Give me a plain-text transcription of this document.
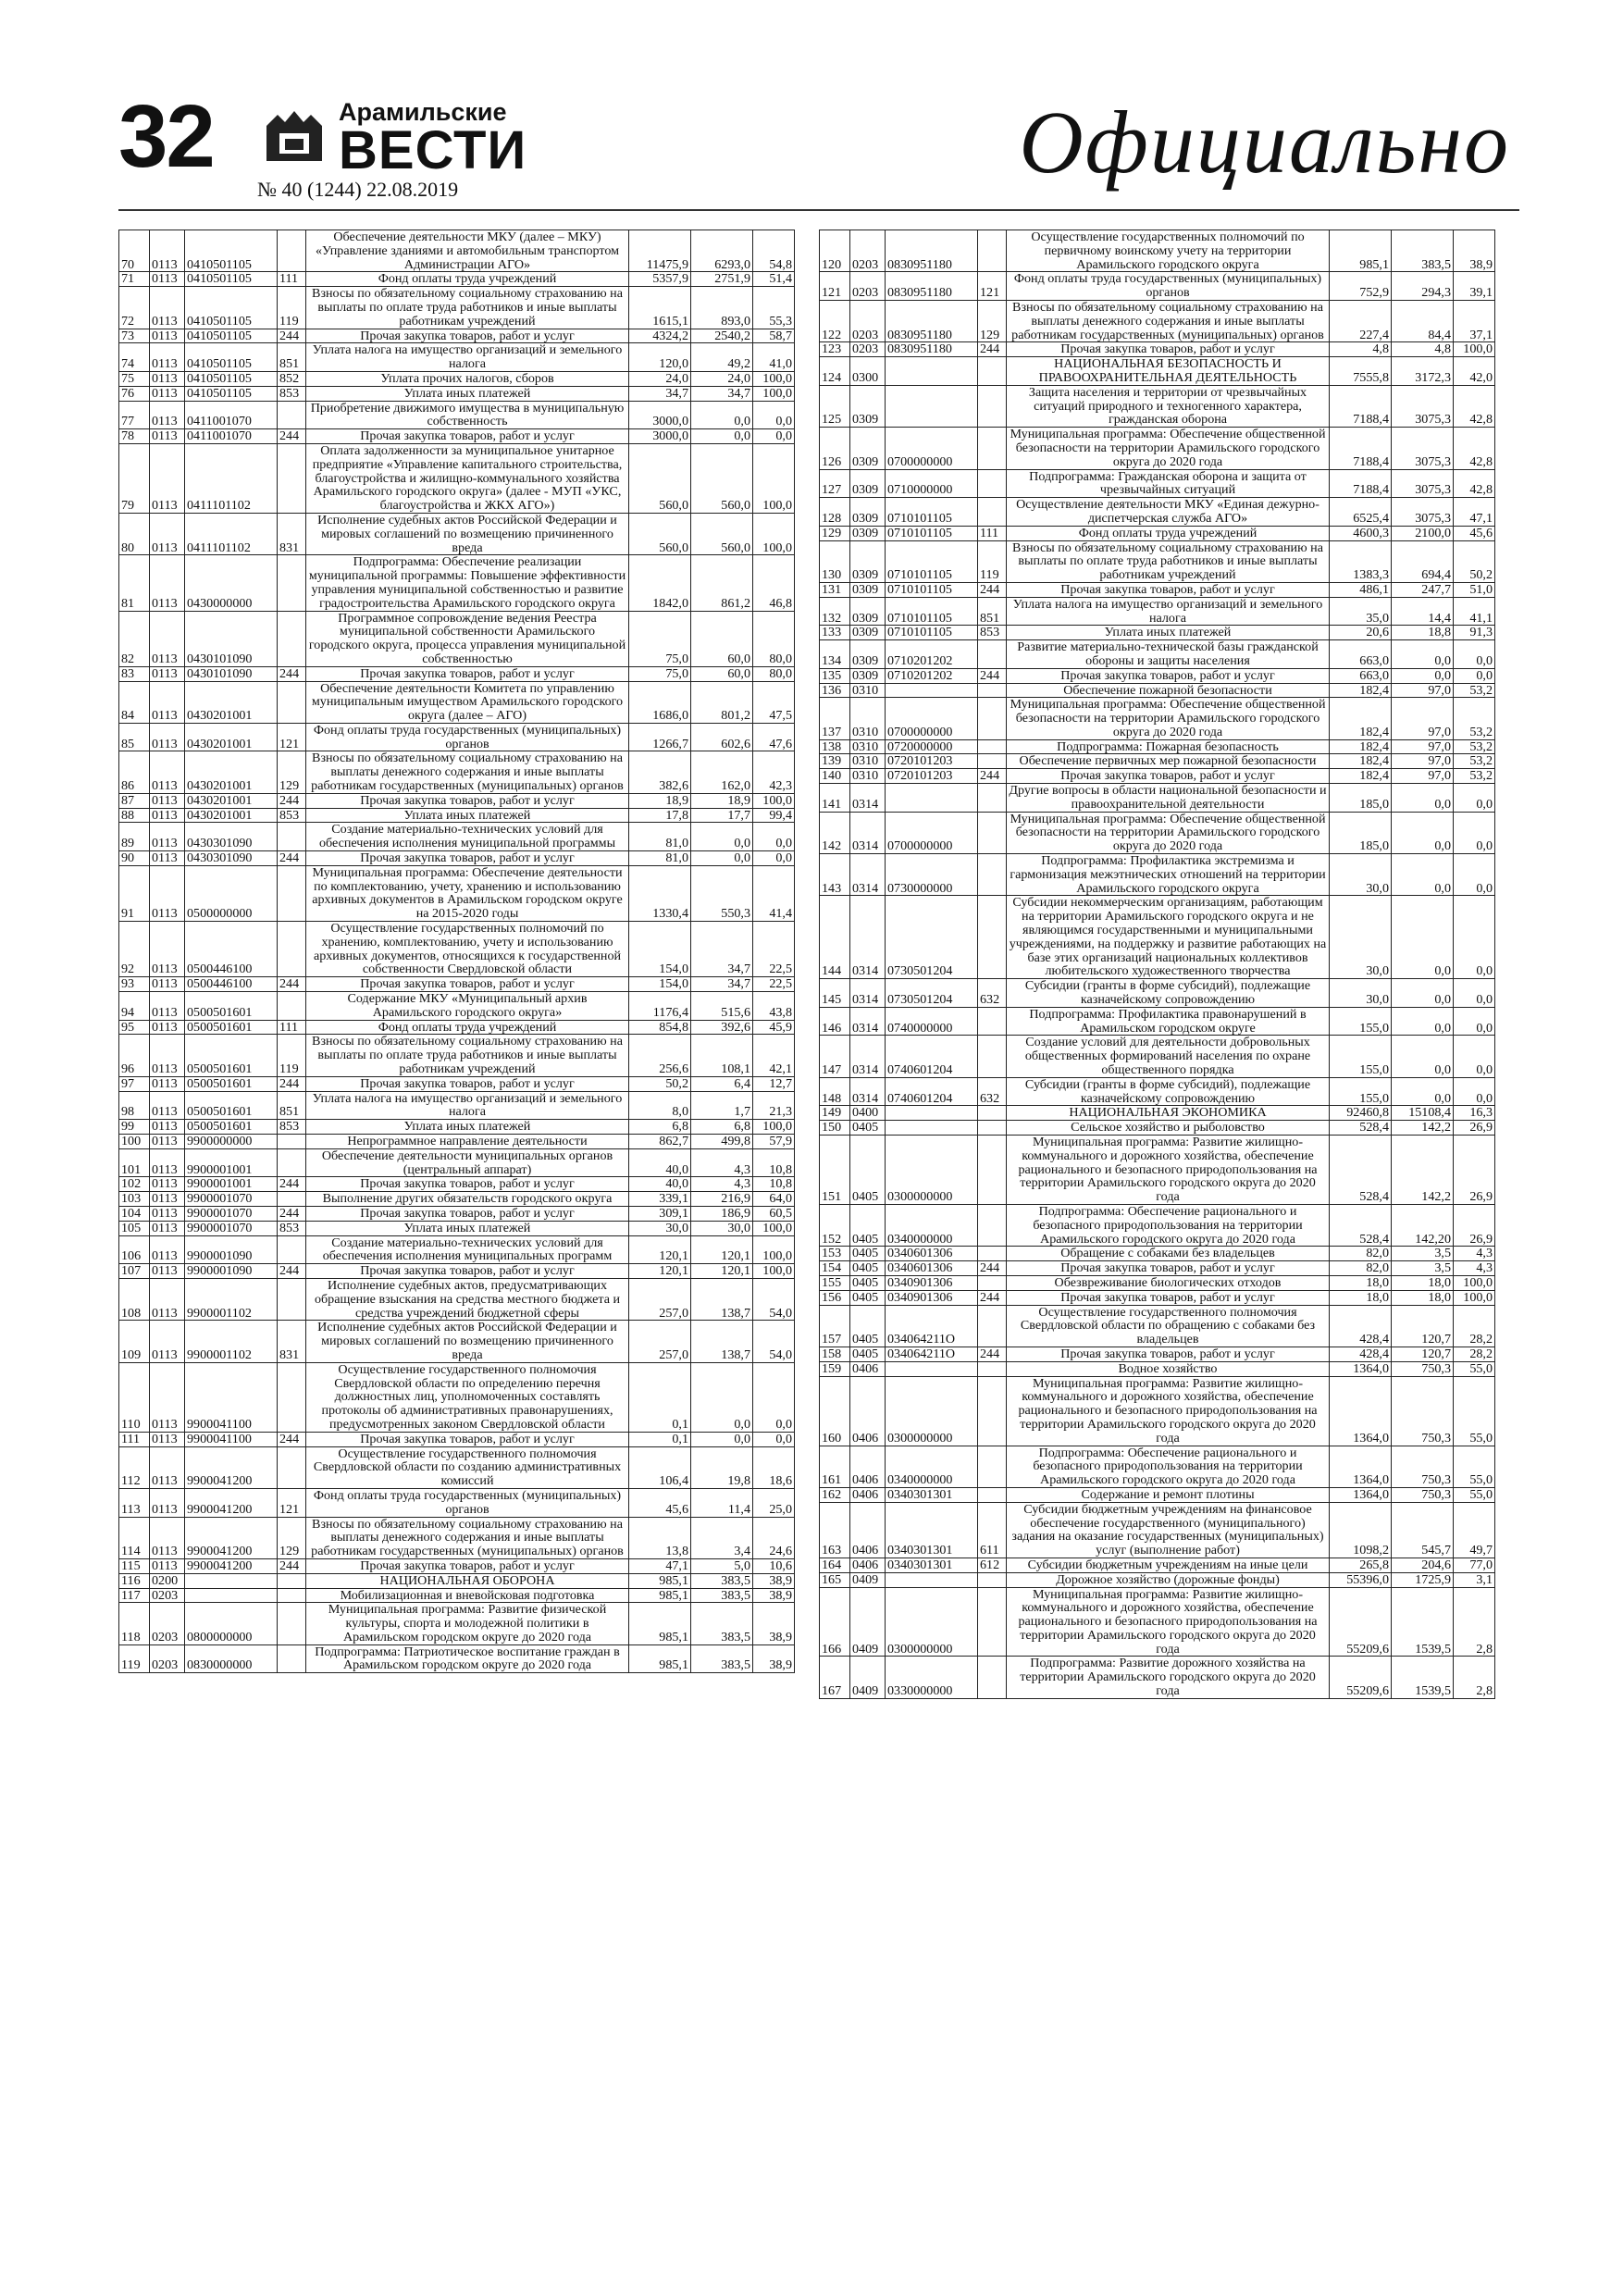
32	Арамильские
ВЕСТИ
№ 40 (1244) 22.08.2019	Официально
70	0113	0410501105		Обеспечение деятельности МКУ (далее – МКУ) «Управление зданиями и автомобильным транспортом Администрации АГО»	11475,9	6293,0	54,8
71	0113	0410501105	111	Фонд оплаты труда учреждений	5357,9	2751,9	51,4
72	0113	0410501105	119	Взносы по обязательному социальному страхованию на выплаты по оплате труда работников и иные выплаты работникам учреждений	1615,1	893,0	55,3
73	0113	0410501105	244	Прочая закупка товаров, работ и услуг	4324,2	2540,2	58,7
74	0113	0410501105	851	Уплата налога на имущество организаций и земельного налога	120,0	49,2	41,0
75	0113	0410501105	852	Уплата прочих налогов, сборов	24,0	24,0	100,0
76	0113	0410501105	853	Уплата иных платежей	34,7	34,7	100,0
77	0113	0411001070		Приобретение движимого имущества в муниципальную собственность	3000,0	0,0	0,0
78	0113	0411001070	244	Прочая закупка товаров, работ и услуг	3000,0	0,0	0,0
79	0113	0411101102		Оплата задолженности за муниципальное унитарное предприятие «Управление капитального строительства, благоустройства и жилищно-коммунального хозяйства Арамильского городского округа» (далее - МУП «УКС, благоустройства и ЖКХ АГО»)	560,0	560,0	100,0
80	0113	0411101102	831	Исполнение судебных актов Российской Федерации и мировых соглашений по возмещению причиненного вреда	560,0	560,0	100,0
81	0113	0430000000		Подпрограмма: Обеспечение реализации муниципальной программы: Повышение эффективности управления муниципальной собственностью и развитие градостроительства Арамильского городского округа	1842,0	861,2	46,8
82	0113	0430101090		Программное сопровождение ведения Реестра муниципальной собственности Арамильского городского округа, процесса управления муниципальной собственностью	75,0	60,0	80,0
83	0113	0430101090	244	Прочая закупка товаров, работ и услуг	75,0	60,0	80,0
84	0113	0430201001		Обеспечение деятельности Комитета по управлению муниципальным имуществом Арамильского городского округа (далее – АГО)	1686,0	801,2	47,5
85	0113	0430201001	121	Фонд оплаты труда государственных (муниципальных) органов	1266,7	602,6	47,6
86	0113	0430201001	129	Взносы по обязательному социальному страхованию на выплаты денежного содержания и иные выплаты работникам государственных (муниципальных) органов	382,6	162,0	42,3
87	0113	0430201001	244	Прочая закупка товаров, работ и услуг	18,9	18,9	100,0
88	0113	0430201001	853	Уплата иных платежей	17,8	17,7	99,4
89	0113	0430301090		Создание материально-технических условий для обеспечения исполнения муниципальной программы	81,0	0,0	0,0
90	0113	0430301090	244	Прочая закупка товаров, работ и услуг	81,0	0,0	0,0
91	0113	0500000000		Муниципальная программа: Обеспечение деятельности по комплектованию, учету, хранению и использованию архивных документов в Арамильском городском округе на 2015-2020 годы	1330,4	550,3	41,4
92	0113	0500446100		Осуществление государственных полномочий по хранению, комплектованию, учету и использованию архивных документов, относящихся к государственной собственности Свердловской области	154,0	34,7	22,5
93	0113	0500446100	244	Прочая закупка товаров, работ и услуг	154,0	34,7	22,5
94	0113	0500501601		Содержание МКУ «Муниципальный архив Арамильского городского округа»	1176,4	515,6	43,8
95	0113	0500501601	111	Фонд оплаты труда учреждений	854,8	392,6	45,9
96	0113	0500501601	119	Взносы по обязательному социальному страхованию на выплаты по оплате труда работников и иные выплаты работникам учреждений	256,6	108,1	42,1
97	0113	0500501601	244	Прочая закупка товаров, работ и услуг	50,2	6,4	12,7
98	0113	0500501601	851	Уплата налога на имущество организаций и земельного налога	8,0	1,7	21,3
99	0113	0500501601	853	Уплата иных платежей	6,8	6,8	100,0
100	0113	9900000000		Непрограммное направление деятельности	862,7	499,8	57,9
101	0113	9900001001		Обеспечение деятельности муниципальных органов (центральный аппарат)	40,0	4,3	10,8
102	0113	9900001001	244	Прочая закупка товаров, работ и услуг	40,0	4,3	10,8
103	0113	9900001070		Выполнение других обязательств городского округа	339,1	216,9	64,0
104	0113	9900001070	244	Прочая закупка товаров, работ и услуг	309,1	186,9	60,5
105	0113	9900001070	853	Уплата иных платежей	30,0	30,0	100,0
106	0113	9900001090		Создание материально-технических условий для обеспечения исполнения муниципальных программ	120,1	120,1	100,0
107	0113	9900001090	244	Прочая закупка товаров, работ и услуг	120,1	120,1	100,0
108	0113	9900001102		Исполнение судебных актов, предусматривающих обращение взыскания на средства местного бюджета и средства учреждений бюджетной сферы	257,0	138,7	54,0
109	0113	9900001102	831	Исполнение судебных актов Российской Федерации и мировых соглашений по возмещению причиненного вреда	257,0	138,7	54,0
110	0113	9900041100		Осуществление государственного полномочия Свердловской области по определению перечня должностных лиц, уполномоченных составлять протоколы об административных правонарушениях, предусмотренных законом Свердловской области	0,1	0,0	0,0
111	0113	9900041100	244	Прочая закупка товаров, работ и услуг	0,1	0,0	0,0
112	0113	9900041200		Осуществление государственного полномочия Свердловской области по созданию административных комиссий	106,4	19,8	18,6
113	0113	9900041200	121	Фонд оплаты труда государственных (муниципальных) органов	45,6	11,4	25,0
114	0113	9900041200	129	Взносы по обязательному социальному страхованию на выплаты денежного содержания и иные выплаты работникам государственных (муниципальных) органов	13,8	3,4	24,6
115	0113	9900041200	244	Прочая закупка товаров, работ и услуг	47,1	5,0	10,6
116	0200			НАЦИОНАЛЬНАЯ ОБОРОНА	985,1	383,5	38,9
117	0203			Мобилизационная и вневойсковая подготовка	985,1	383,5	38,9
118	0203	0800000000		Муниципальная программа: Развитие физической культуры, спорта и молодежной политики в Арамильском городском округе до 2020 года	985,1	383,5	38,9
119	0203	0830000000		Подпрограмма: Патриотическое воспитание граждан в Арамильском городском округе до 2020 года	985,1	383,5	38,9
120	0203	0830951180		Осуществление государственных полномочий по первичному воинскому учету на территории Арамильского городского округа	985,1	383,5	38,9
121	0203	0830951180	121	Фонд оплаты труда государственных (муниципальных) органов	752,9	294,3	39,1
122	0203	0830951180	129	Взносы по обязательному социальному страхованию на выплаты денежного содержания и иные выплаты работникам государственных (муниципальных) органов	227,4	84,4	37,1
123	0203	0830951180	244	Прочая закупка товаров, работ и услуг	4,8	4,8	100,0
124	0300			НАЦИОНАЛЬНАЯ БЕЗОПАСНОСТЬ И ПРАВООХРАНИТЕЛЬНАЯ ДЕЯТЕЛЬНОСТЬ	7555,8	3172,3	42,0
125	0309			Защита населения и территории от чрезвычайных ситуаций природного и техногенного характера, гражданская оборона	7188,4	3075,3	42,8
126	0309	0700000000		Муниципальная программа: Обеспечение общественной безопасности на территории Арамильского городского округа до 2020 года	7188,4	3075,3	42,8
127	0309	0710000000		Подпрограмма: Гражданская оборона и защита от чрезвычайных ситуаций	7188,4	3075,3	42,8
128	0309	0710101105		Осуществление деятельности МКУ «Единая дежурно-диспетчерская служба АГО»	6525,4	3075,3	47,1
129	0309	0710101105	111	Фонд оплаты труда учреждений	4600,3	2100,0	45,6
130	0309	0710101105	119	Взносы по обязательному социальному страхованию на выплаты по оплате труда работников и иные выплаты работникам учреждений	1383,3	694,4	50,2
131	0309	0710101105	244	Прочая закупка товаров, работ и услуг	486,1	247,7	51,0
132	0309	0710101105	851	Уплата налога на имущество организаций и земельного налога	35,0	14,4	41,1
133	0309	0710101105	853	Уплата иных платежей	20,6	18,8	91,3
134	0309	0710201202		Развитие материально-технической базы гражданской обороны и защиты населения	663,0	0,0	0,0
135	0309	0710201202	244	Прочая закупка товаров, работ и услуг	663,0	0,0	0,0
136	0310			Обеспечение пожарной безопасности	182,4	97,0	53,2
137	0310	0700000000		Муниципальная программа: Обеспечение общественной безопасности на территории Арамильского городского округа до 2020 года	182,4	97,0	53,2
138	0310	0720000000		Подпрограмма: Пожарная безопасность	182,4	97,0	53,2
139	0310	0720101203		Обеспечение первичных мер пожарной безопасности	182,4	97,0	53,2
140	0310	0720101203	244	Прочая закупка товаров, работ и услуг	182,4	97,0	53,2
141	0314			Другие вопросы в области национальной безопасности и правоохранительной деятельности	185,0	0,0	0,0
142	0314	0700000000		Муниципальная программа: Обеспечение общественной безопасности на территории Арамильского городского округа до 2020 года	185,0	0,0	0,0
143	0314	0730000000		Подпрограмма: Профилактика экстремизма и гармонизация межэтнических отношений на территории Арамильского городского округа	30,0	0,0	0,0
144	0314	0730501204		Субсидии некоммерческим организациям, работающим на территории Арамильского городского округа и не являющимся государственными и муниципальными учреждениями, на поддержку и развитие работающих на базе этих организаций национальных коллективов любительского художественного творчества	30,0	0,0	0,0
145	0314	0730501204	632	Субсидии (гранты в форме субсидий), подлежащие казначейскому сопровождению	30,0	0,0	0,0
146	0314	0740000000		Подпрограмма: Профилактика правонарушений в Арамильском городском округе	155,0	0,0	0,0
147	0314	0740601204		Создание условий для деятельности добровольных общественных формирований населения по охране общественного порядка	155,0	0,0	0,0
148	0314	0740601204	632	Субсидии (гранты в форме субсидий), подлежащие казначейскому сопровождению	155,0	0,0	0,0
149	0400			НАЦИОНАЛЬНАЯ ЭКОНОМИКА	92460,8	15108,4	16,3
150	0405			Сельское хозяйство и рыболовство	528,4	142,2	26,9
151	0405	0300000000		Муниципальная программа: Развитие жилищно-коммунального и дорожного хозяйства, обеспечение рационального и безопасного природопользования на территории Арамильского городского округа до 2020 года	528,4	142,2	26,9
152	0405	0340000000		Подпрограмма: Обеспечение рационального и безопасного природопользования на территории Арамильского городского округа до 2020 года	528,4	142,20	26,9
153	0405	0340601306		Обращение с собаками без владельцев	82,0	3,5	4,3
154	0405	0340601306	244	Прочая закупка товаров, работ и услуг	82,0	3,5	4,3
155	0405	0340901306		Обезвреживание биологических отходов	18,0	18,0	100,0
156	0405	0340901306	244	Прочая закупка товаров, работ и услуг	18,0	18,0	100,0
157	0405	034064211О		Осуществление государственного полномочия Свердловской области по обращению с собаками без владельцев	428,4	120,7	28,2
158	0405	034064211О	244	Прочая закупка товаров, работ и услуг	428,4	120,7	28,2
159	0406			Водное хозяйство	1364,0	750,3	55,0
160	0406	0300000000		Муниципальная программа: Развитие жилищно-коммунального и дорожного хозяйства, обеспечение рационального и безопасного природопользования на территории Арамильского городского округа до 2020 года	1364,0	750,3	55,0
161	0406	0340000000		Подпрограмма: Обеспечение рационального и безопасного природопользования на территории Арамильского городского округа до 2020 года	1364,0	750,3	55,0
162	0406	0340301301		Содержание и ремонт плотины	1364,0	750,3	55,0
163	0406	0340301301	611	Субсидии бюджетным учреждениям на финансовое обеспечение государственного (муниципального) задания на оказание государственных (муниципальных) услуг (выполнение работ)	1098,2	545,7	49,7
164	0406	0340301301	612	Субсидии бюджетным учреждениям на иные цели	265,8	204,6	77,0
165	0409			Дорожное хозяйство (дорожные фонды)	55396,0	1725,9	3,1
166	0409	0300000000		Муниципальная программа: Развитие жилищно-коммунального и дорожного хозяйства, обеспечение рационального и безопасного природопользования на территории Арамильского городского округа до 2020 года	55209,6	1539,5	2,8
167	0409	0330000000		Подпрограмма: Развитие дорожного хозяйства на территории Арамильского городского округа до 2020 года	55209,6	1539,5	2,8
